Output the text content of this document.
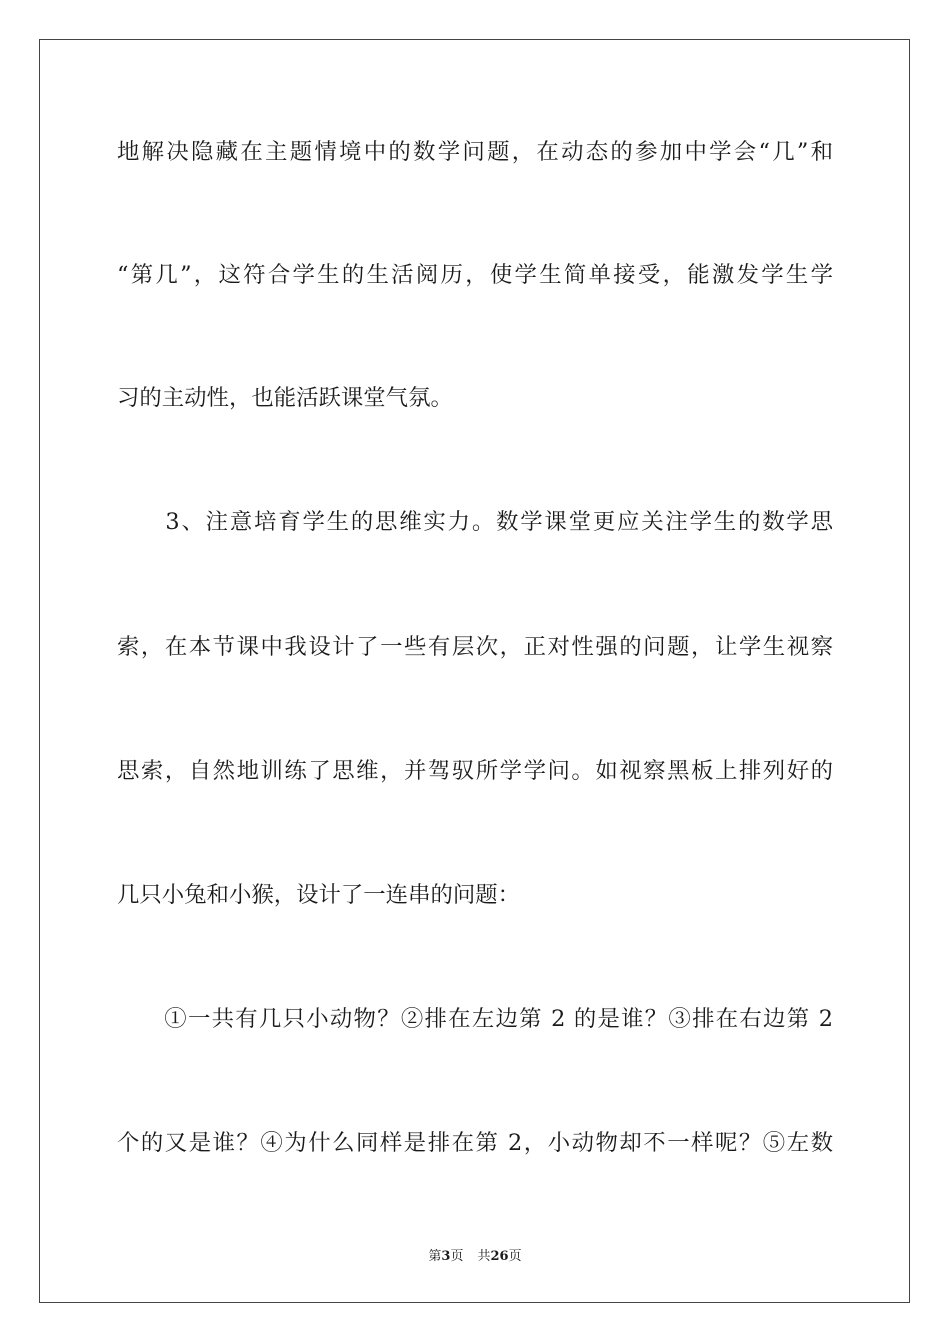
地解决隐藏在主题情境中的数学问题，在动态的参加中学会“几”和
“第几”，这符合学生的生活阅历，使学生简单接受，能激发学生学
习的主动性，也能活跃课堂气氛。
　　3、注意培育学生的思维实力。数学课堂更应关注学生的数学思
索，在本节课中我设计了一些有层次，正对性强的问题，让学生视察
思索，自然地训练了思维，并驾驭所学学问。如视察黑板上排列好的
几只小兔和小猴，设计了一连串的问题：
　　①一共有几只小动物？②排在左边第 2 的是谁？③排在右边第 2
个的又是谁？④为什么同样是排在第 2，小动物却不一样呢？⑤左数
第3页 共26页
